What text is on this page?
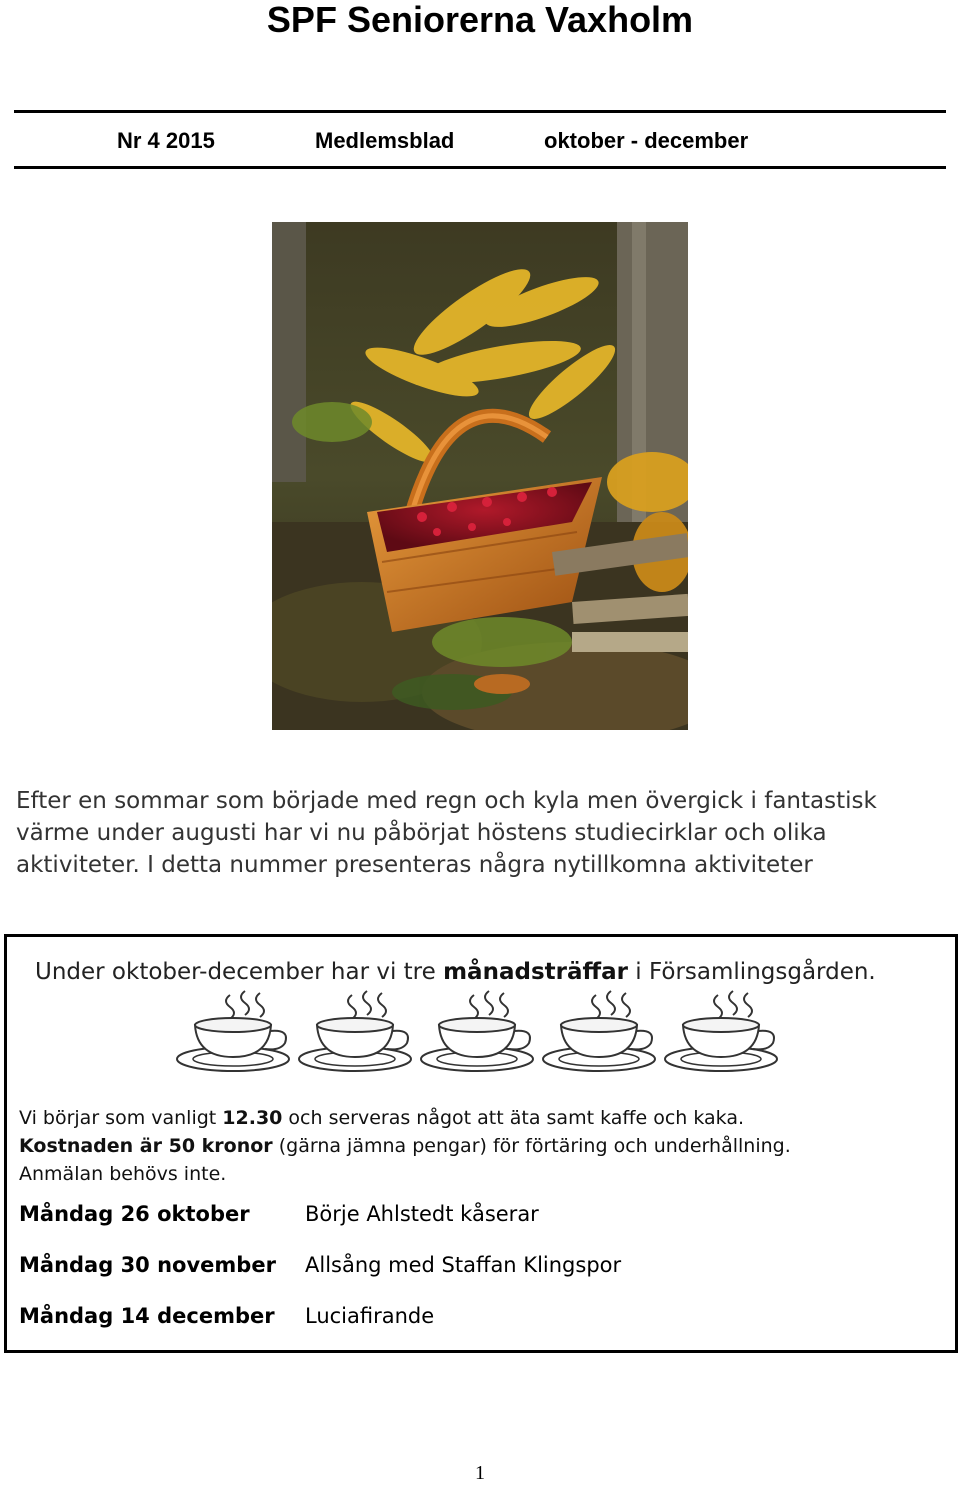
SPF Seniorerna Vaxholm
Nr 4 2015	Medlemsblad	oktober - december
Efter en sommar som började med regn och kyla men övergick i fantastisk värme under augusti har vi nu påbörjat höstens studiecirklar och olika aktiviteter. I detta nummer presenteras några nytillkomna aktiviteter
Under oktober-december har vi tre månadsträffar i Församlingsgården.
Vi börjar som vanligt 12.30 och serveras något att äta samt kaffe och kaka.
Kostnaden är 50 kronor (gärna jämna pengar) för förtäring och underhållning.
Anmälan behövs inte.
Måndag 26 oktober	Börje Ahlstedt kåserar
Måndag 30 november Allsång med Staffan Klingspor
Måndag 14 december Luciafirande
1
